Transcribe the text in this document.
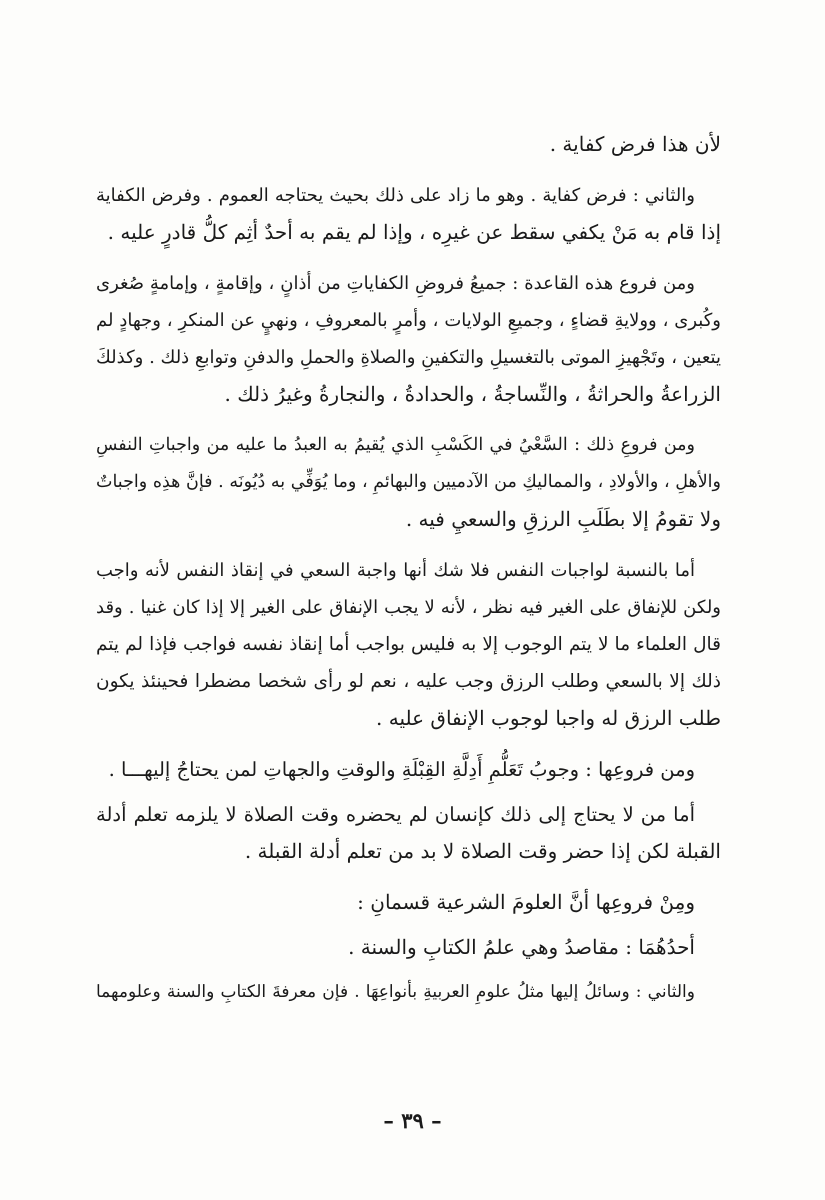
لأن هذا فرض كفاية .
والثاني : فرض كفاية . وهو ما زاد على ذلك بحيث يحتاجه العموم . وفرض الكفاية
إذا قام به مَنْ يكفي سقط عن غيرِه ، وإذا لم يقم به أحدٌ أثِم كلُّ قادرٍ عليه .
ومن فروع هذه القاعدة : جميعُ فروضِ الكفاياتِ من أذانٍ ، وإقامةٍ ، وإمامةٍ صُغرى
وكُبرى ، وولايةِ قضاءٍ ، وجميعِ الولايات ، وأمرٍ بالمعروفِ ، ونهيٍ عن المنكرِ ، وجهادٍ لم
يتعين ، وتَجْهيزِ الموتى بالتغسيلِ والتكفينِ والصلاةِ والحملِ والدفنِ وتوابعِ ذلك . وكذلكَ
الزراعةُ والحراثةُ ، والنِّساجةُ ، والحدادةُ ، والنجارةُ وغيرُ ذلك .
ومن فروعِ ذلك : السَّعْيُ في الكَسْبِ الذي يُقيمُ به العبدُ ما عليه من واجباتِ النفسِ
والأهلِ ، والأولادِ ، والمماليكِ من الآدميين والبهائمِ ، وما يُوَفِّي به دُيُونَه . فإنَّ هذِه واجباتٌ
ولا تقومُ إلا بطَلَبِ الرزقِ والسعيِ فيه .
أما بالنسبة لواجبات النفس فلا شك أنها واجبة السعي في إنقاذ النفس لأنه واجب
ولكن للإنفاق على الغير فيه نظر ، لأنه لا يجب الإنفاق على الغير إلا إذا كان غنيا . وقد
قال العلماء ما لا يتم الوجوب إلا به فليس بواجب أما إنقاذ نفسه فواجب فإذا لم يتم
ذلك إلا بالسعي وطلب الرزق وجب عليه ، نعم لو رأى شخصا مضطرا فحينئذ يكون
طلب الرزق له واجبا لوجوب الإنفاق عليه .
ومن فروعِها : وجوبُ تَعَلُّمِ أَدِلَّةِ القِبْلَةِ والوقتِ والجهاتِ لمن يحتاجُ إليهـــا .
أما من لا يحتاج إلى ذلك كإنسان لم يحضره وقت الصلاة لا يلزمه تعلم أدلة
القبلة لكن إذا حضر وقت الصلاة لا بد من تعلم أدلة القبلة .
ومِنْ فروعِها أنَّ العلومَ الشرعية قسمانِ :
أحدُهُمَا : مقاصدُ وهي علمُ الكتابِ والسنة .
والثاني : وسائلُ إليها مثلُ علومِ العربيةِ بأنواعِهَا . فإن معرفةَ الكتابِ والسنة وعلومهما
– ٣٩ –
